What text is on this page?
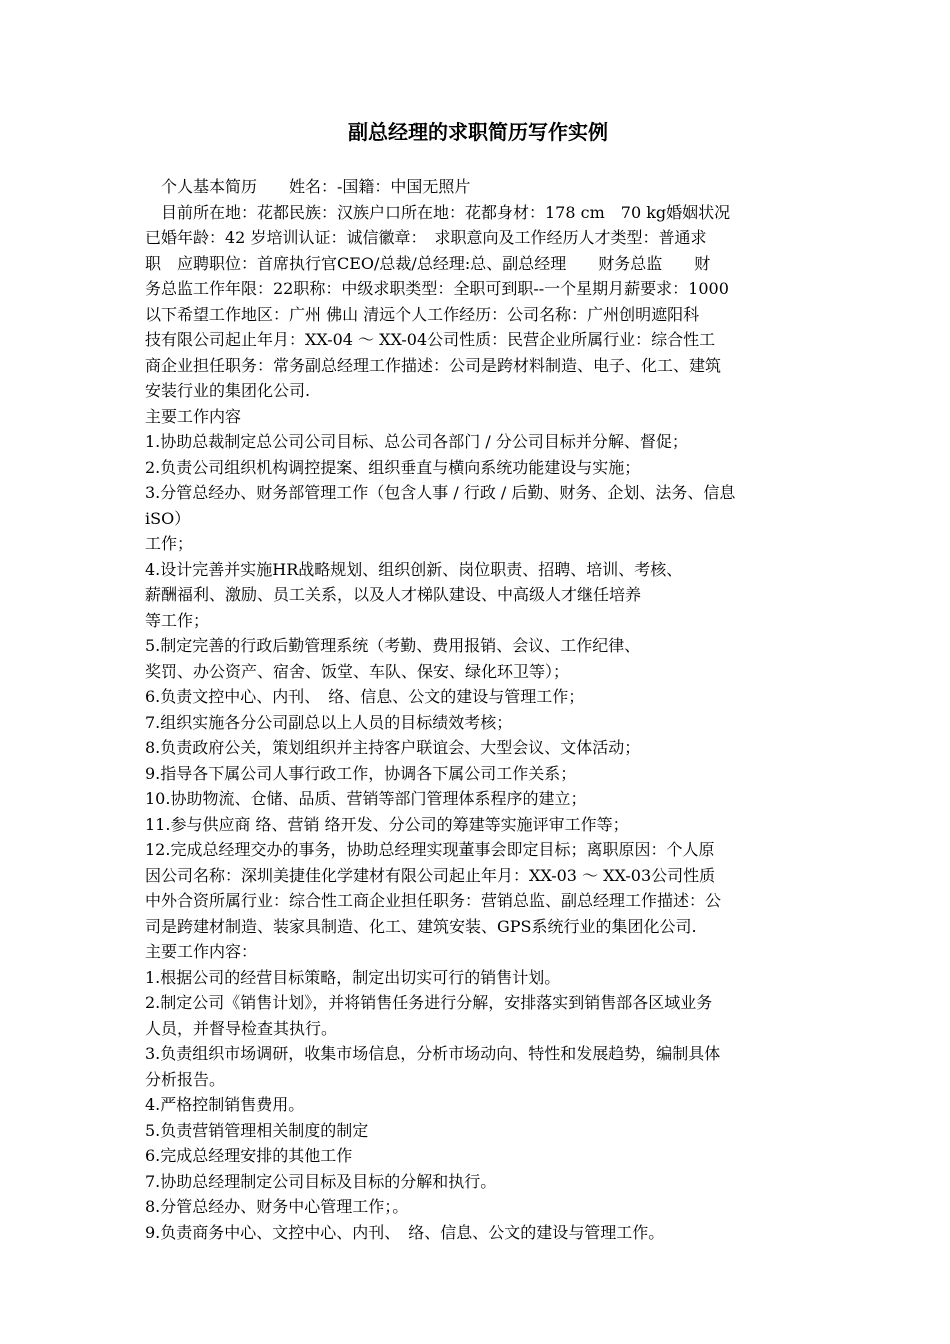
副总经理的求职简历写作实例
　个人基本简历　　姓名：-国籍：中国无照片
　目前所在地：花都民族：汉族户口所在地：花都身材：178 cm　70 kg婚姻状况
已婚年龄：42 岁培训认证：诚信徽章：　求职意向及工作经历人才类型：普通求
职　应聘职位：首席执行官CEO/总裁/总经理:总、副总经理　　财务总监　　财
务总监工作年限：22职称：中级求职类型：全职可到职--一个星期月薪要求：1000
以下希望工作地区：广州 佛山 清远个人工作经历：公司名称：广州创明遮阳科
技有限公司起止年月：XX-04 ～ XX-04公司性质：民营企业所属行业：综合性工
商企业担任职务：常务副总经理工作描述：公司是跨材料制造、电子、化工、建筑
安装行业的集团化公司.
主要工作内容
1.协助总裁制定总公司公司目标、总公司各部门 / 分公司目标并分解、督促；
2.负责公司组织机构调控提案、组织垂直与横向系统功能建设与实施；
3.分管总经办、财务部管理工作（包含人事 / 行政 / 后勤、财务、企划、法务、信息
iSO）
工作；
4.设计完善并实施HR战略规划、组织创新、岗位职责、招聘、培训、考核、
薪酬福利、激励、员工关系，以及人才梯队建设、中高级人才继任培养
等工作；
5.制定完善的行政后勤管理系统（考勤、费用报销、会议、工作纪律、
奖罚、办公资产、宿舍、饭堂、车队、保安、绿化环卫等）；
6.负责文控中心、内刊、　络、信息、公文的建设与管理工作；
7.组织实施各分公司副总以上人员的目标绩效考核；
8.负责政府公关，策划组织并主持客户联谊会、大型会议、文体活动；
9.指导各下属公司人事行政工作，协调各下属公司工作关系；
10.协助物流、仓储、品质、营销等部门管理体系程序的建立；
11.参与供应商 络、营销 络开发、分公司的筹建等实施评审工作等；
12.完成总经理交办的事务，协助总经理实现董事会即定目标；离职原因：个人原
因公司名称：深圳美捷佳化学建材有限公司起止年月：XX-03 ～ XX-03公司性质
中外合资所属行业：综合性工商企业担任职务：营销总监、副总经理工作描述：公
司是跨建材制造、装家具制造、化工、建筑安装、GPS系统行业的集团化公司.
主要工作内容：
1.根据公司的经营目标策略，制定出切实可行的销售计划。
2.制定公司《销售计划》，并将销售任务进行分解，安排落实到销售部各区域业务
人员，并督导检查其执行。
3.负责组织市场调研，收集市场信息，分析市场动向、特性和发展趋势，编制具体
分析报告。
4.严格控制销售费用。
5.负责营销管理相关制度的制定
6.完成总经理安排的其他工作
7.协助总经理制定公司目标及目标的分解和执行。
8.分管总经办、财务中心管理工作；。
9.负责商务中心、文控中心、内刊、　络、信息、公文的建设与管理工作。
